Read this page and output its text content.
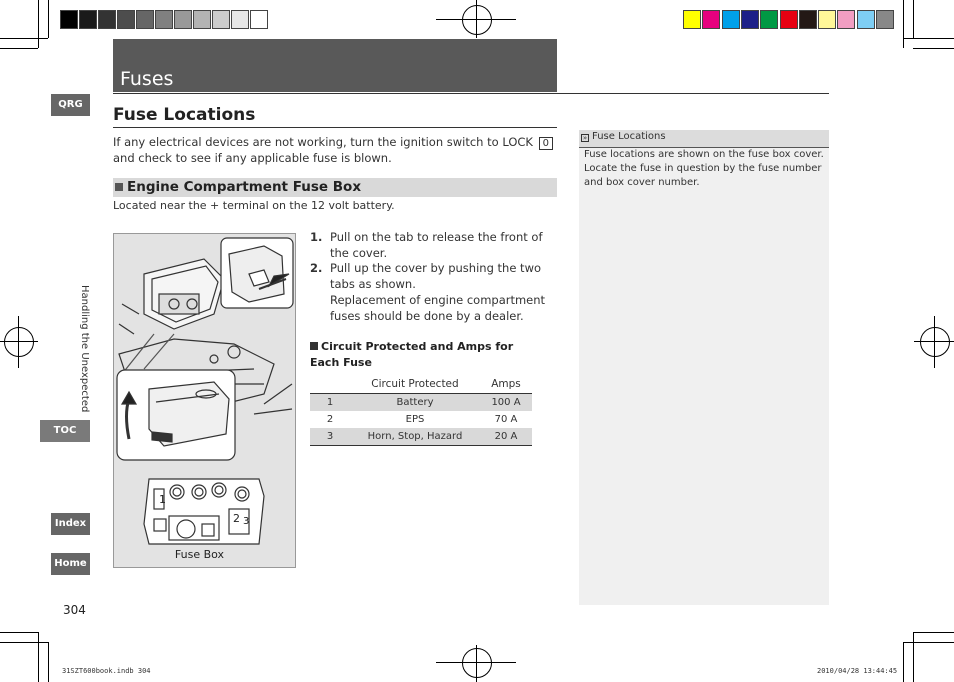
Fuses
QRG
Handling the Unexpected
TOC
Index
Home
Fuse Locations
If any electrical devices are not working, turn the ignition switch to LOCK 0 and check to see if any applicable fuse is blown.
Engine Compartment Fuse Box
Located near the + terminal on the 12 volt battery.
1
2 3
Fuse Box
1. Pull on the tab to release the front of the cover.
2. Pull up the cover by pushing the two tabs as shown.
Replacement of engine compartment fuses should be done by a dealer.
Circuit Protected and Amps for Each Fuse
	Circuit Protected	Amps
1	Battery	100 A
2	EPS	70 A
3	Horn, Stop, Hazard	20 A
» Fuse Locations
Fuse locations are shown on the fuse box cover. Locate the fuse in question by the fuse number and box cover number.
304
31SZT600book.indb 304	2010/04/28 13:44:45
